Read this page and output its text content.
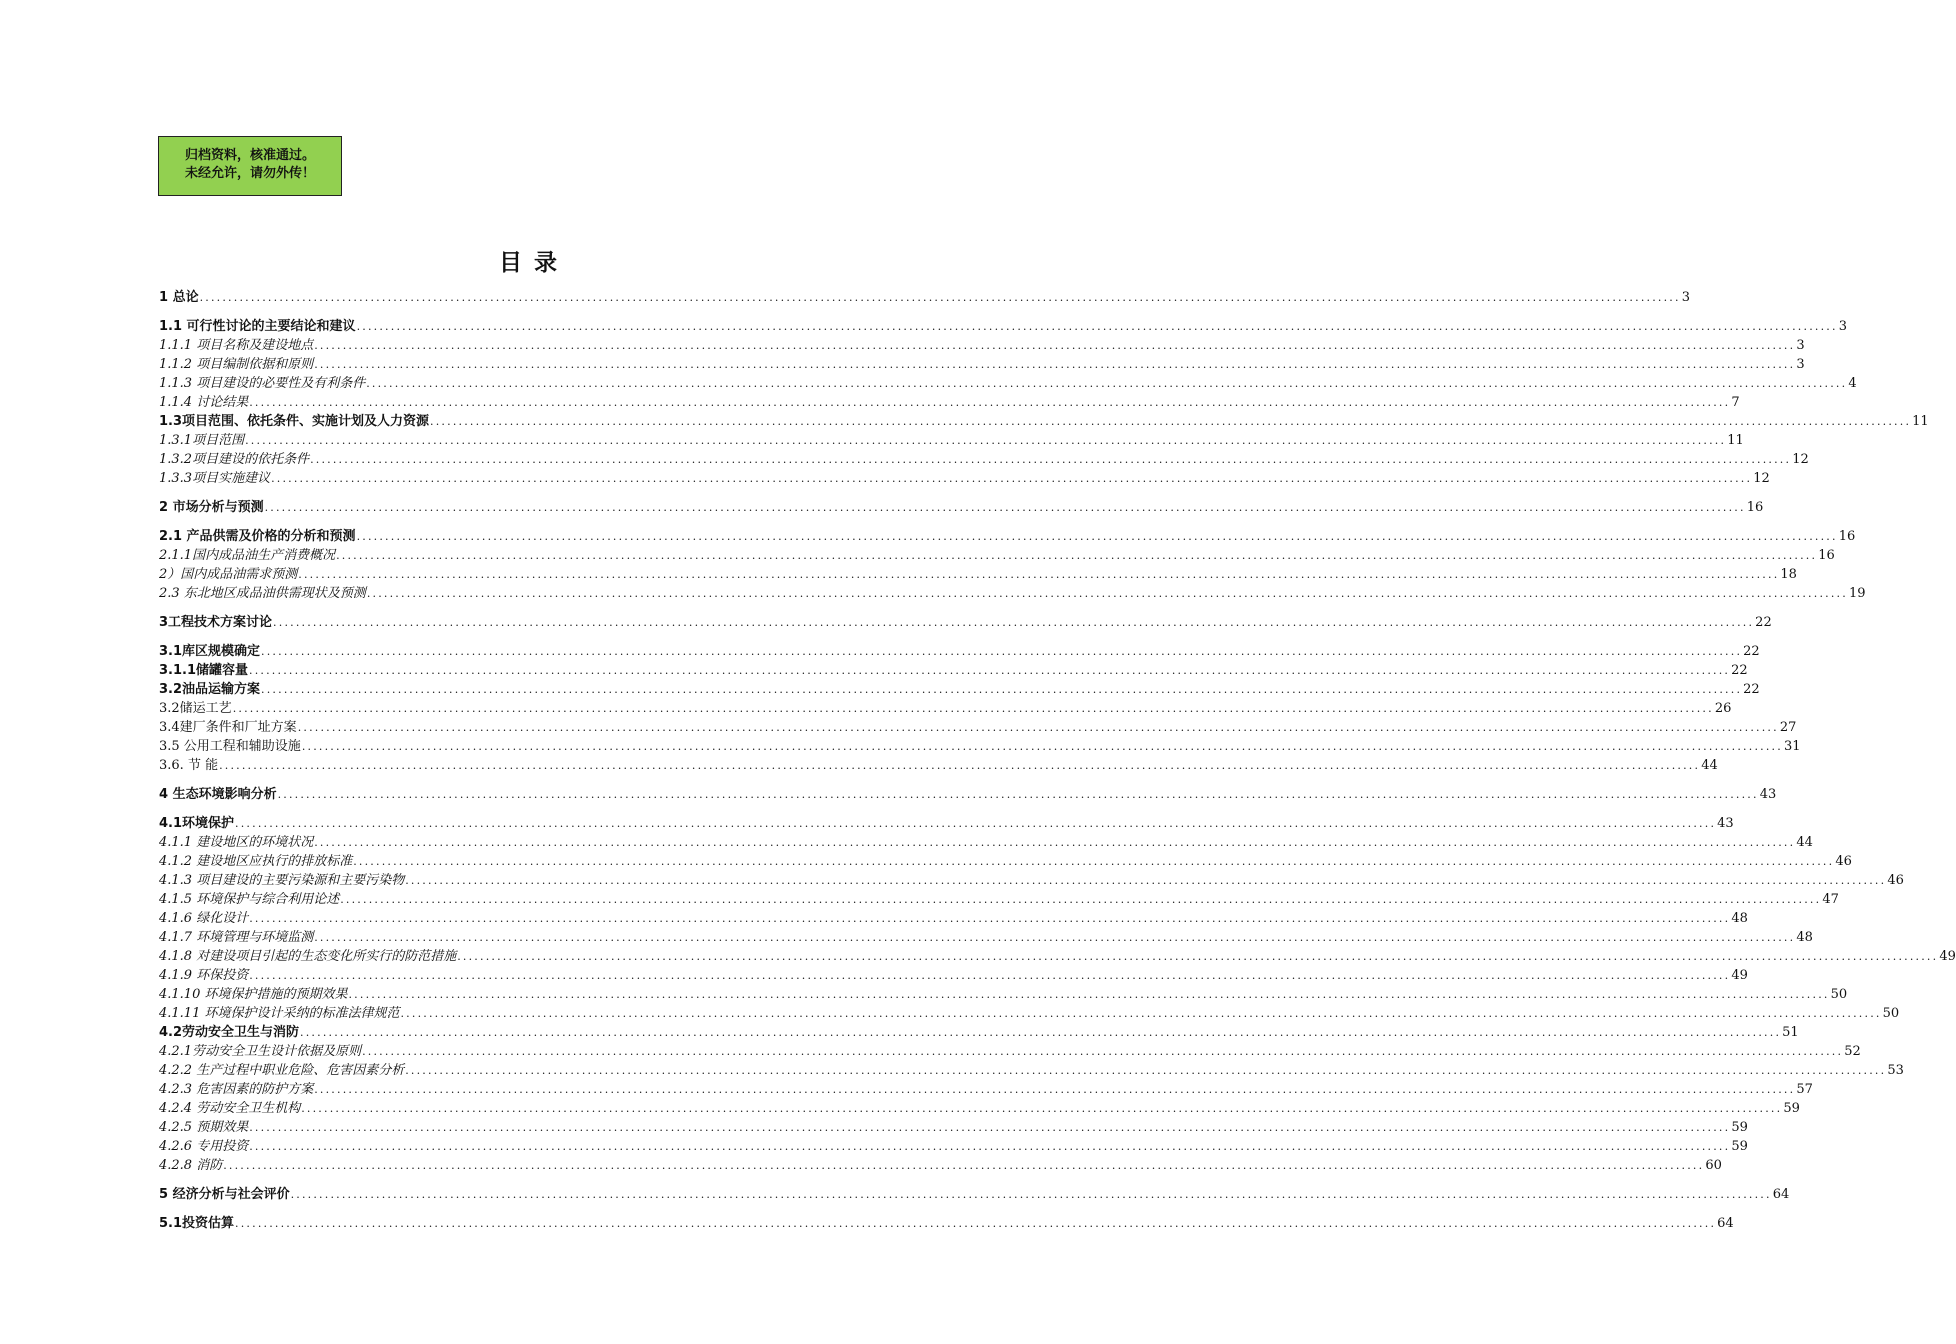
归档资料，核准通过。
未经允许，请勿外传！
目录
1 总论 .................................................................................................................................................................................................................................................................... 3
1.1 可行性讨论的主要结论和建议 .................................................................................................................................................................................................................................................................... 3
1.1.1 项目名称及建设地点 .................................................................................................................................................................................................................................................................... 3
1.1.2 项目编制依据和原则 .................................................................................................................................................................................................................................................................... 3
1.1.3 项目建设的必要性及有利条件 .................................................................................................................................................................................................................................................................... 4
1.1.4 讨论结果 .................................................................................................................................................................................................................................................................... 7
1.3项目范围、依托条件、实施计划及人力资源 .................................................................................................................................................................................................................................................................... 11
1.3.1项目范围 .................................................................................................................................................................................................................................................................... 11
1.3.2项目建设的依托条件 .................................................................................................................................................................................................................................................................... 12
1.3.3项目实施建议 .................................................................................................................................................................................................................................................................... 12
2 市场分析与预测 .................................................................................................................................................................................................................................................................... 16
2.1 产品供需及价格的分析和预测 .................................................................................................................................................................................................................................................................... 16
2.1.1国内成品油生产消费概况 .................................................................................................................................................................................................................................................................... 16
2）国内成品油需求预测 .................................................................................................................................................................................................................................................................... 18
2.3 东北地区成品油供需现状及预测 .................................................................................................................................................................................................................................................................... 19
3工程技术方案讨论 .................................................................................................................................................................................................................................................................... 22
3.1库区规模确定 .................................................................................................................................................................................................................................................................... 22
3.1.1储罐容量 .................................................................................................................................................................................................................................................................... 22
3.2油品运输方案 .................................................................................................................................................................................................................................................................... 22
3.2储运工艺 .................................................................................................................................................................................................................................................................... 26
3.4建厂条件和厂址方案 .................................................................................................................................................................................................................................................................... 27
3.5 公用工程和辅助设施 .................................................................................................................................................................................................................................................................... 31
3.6. 节 能 .................................................................................................................................................................................................................................................................... 44
4 生态环境影响分析 .................................................................................................................................................................................................................................................................... 43
4.1环境保护 .................................................................................................................................................................................................................................................................... 43
4.1.1 建设地区的环境状况 .................................................................................................................................................................................................................................................................... 44
4.1.2 建设地区应执行的排放标准 .................................................................................................................................................................................................................................................................... 46
4.1.3 项目建设的主要污染源和主要污染物 .................................................................................................................................................................................................................................................................... 46
4.1.5 环境保护与综合利用论述 .................................................................................................................................................................................................................................................................... 47
4.1.6 绿化设计 .................................................................................................................................................................................................................................................................... 48
4.1.7 环境管理与环境监测 .................................................................................................................................................................................................................................................................... 48
4.1.8 对建设项目引起的生态变化所实行的防范措施 .................................................................................................................................................................................................................................................................... 49
4.1.9 环保投资 .................................................................................................................................................................................................................................................................... 49
4.1.10 环境保护措施的预期效果 .................................................................................................................................................................................................................................................................... 50
4.1.11 环境保护设计采纳的标准法律规范 .................................................................................................................................................................................................................................................................... 50
4.2劳动安全卫生与消防 .................................................................................................................................................................................................................................................................... 51
4.2.1劳动安全卫生设计依据及原则 .................................................................................................................................................................................................................................................................... 52
4.2.2 生产过程中职业危险、危害因素分析 .................................................................................................................................................................................................................................................................... 53
4.2.3 危害因素的防护方案 .................................................................................................................................................................................................................................................................... 57
4.2.4 劳动安全卫生机构 .................................................................................................................................................................................................................................................................... 59
4.2.5 预期效果 .................................................................................................................................................................................................................................................................... 59
4.2.6 专用投资 .................................................................................................................................................................................................................................................................... 59
4.2.8 消防 .................................................................................................................................................................................................................................................................... 60
5 经济分析与社会评价 .................................................................................................................................................................................................................................................................... 64
5.1投资估算 .................................................................................................................................................................................................................................................................... 64
